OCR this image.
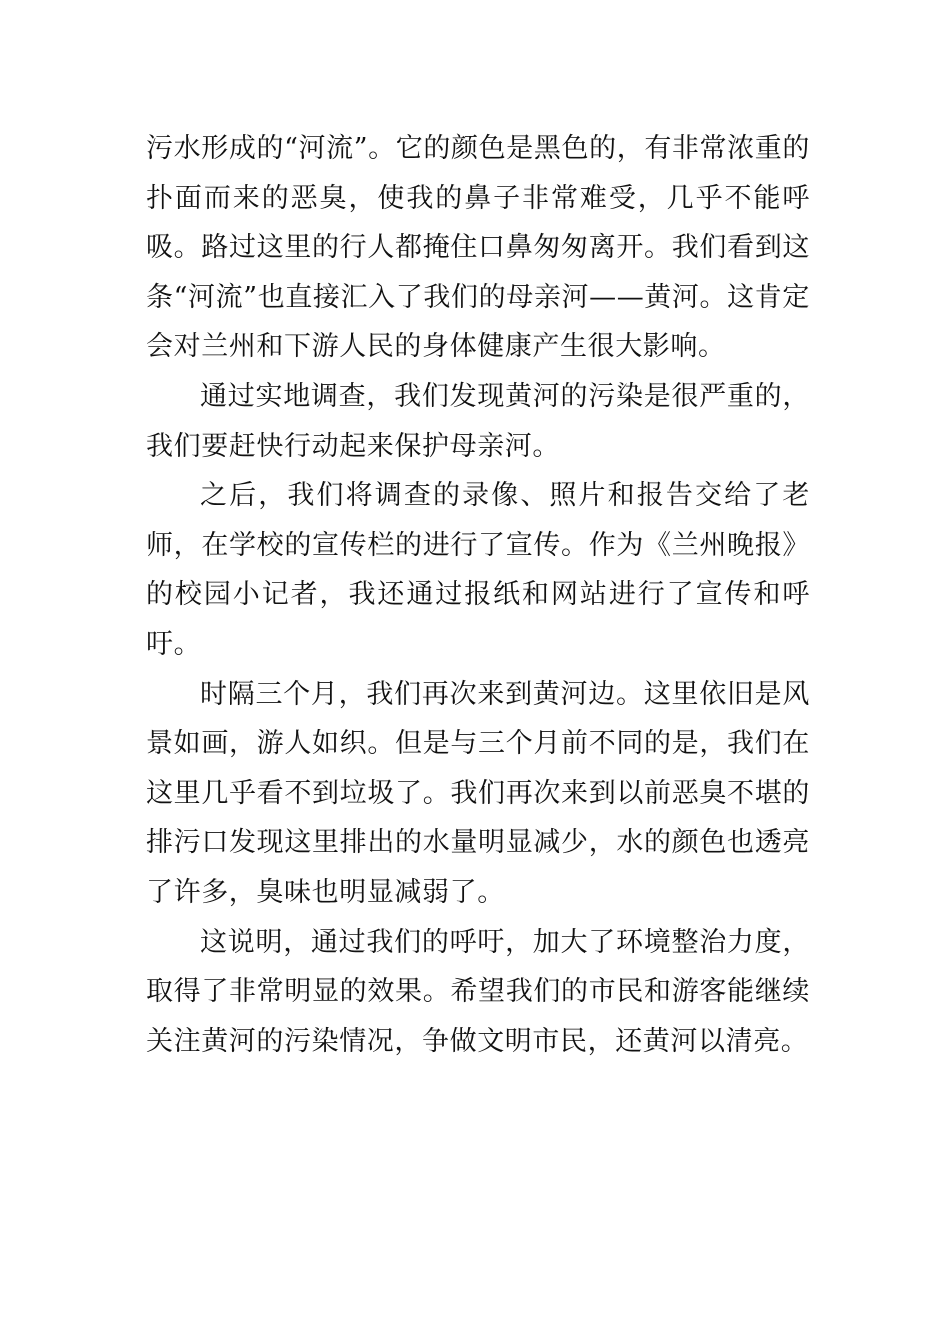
污水形成的“河流”。它的颜色是黑色的，有非常浓重的扑面而来的恶臭，使我的鼻子非常难受，几乎不能呼吸。路过这里的行人都掩住口鼻匆匆离开。我们看到这条“河流”也直接汇入了我们的母亲河——黄河。这肯定会对兰州和下游人民的身体健康产生很大影响。

通过实地调查，我们发现黄河的污染是很严重的，我们要赶快行动起来保护母亲河。

之后，我们将调查的录像、照片和报告交给了老师，在学校的宣传栏的进行了宣传。作为《兰州晚报》的校园小记者，我还通过报纸和网站进行了宣传和呼吁。

时隔三个月，我们再次来到黄河边。这里依旧是风景如画，游人如织。但是与三个月前不同的是，我们在这里几乎看不到垃圾了。我们再次来到以前恶臭不堪的排污口发现这里排出的水量明显减少，水的颜色也透亮了许多，臭味也明显减弱了。

这说明，通过我们的呼吁，加大了环境整治力度，取得了非常明显的效果。希望我们的市民和游客能继续关注黄河的污染情况，争做文明市民，还黄河以清亮。
